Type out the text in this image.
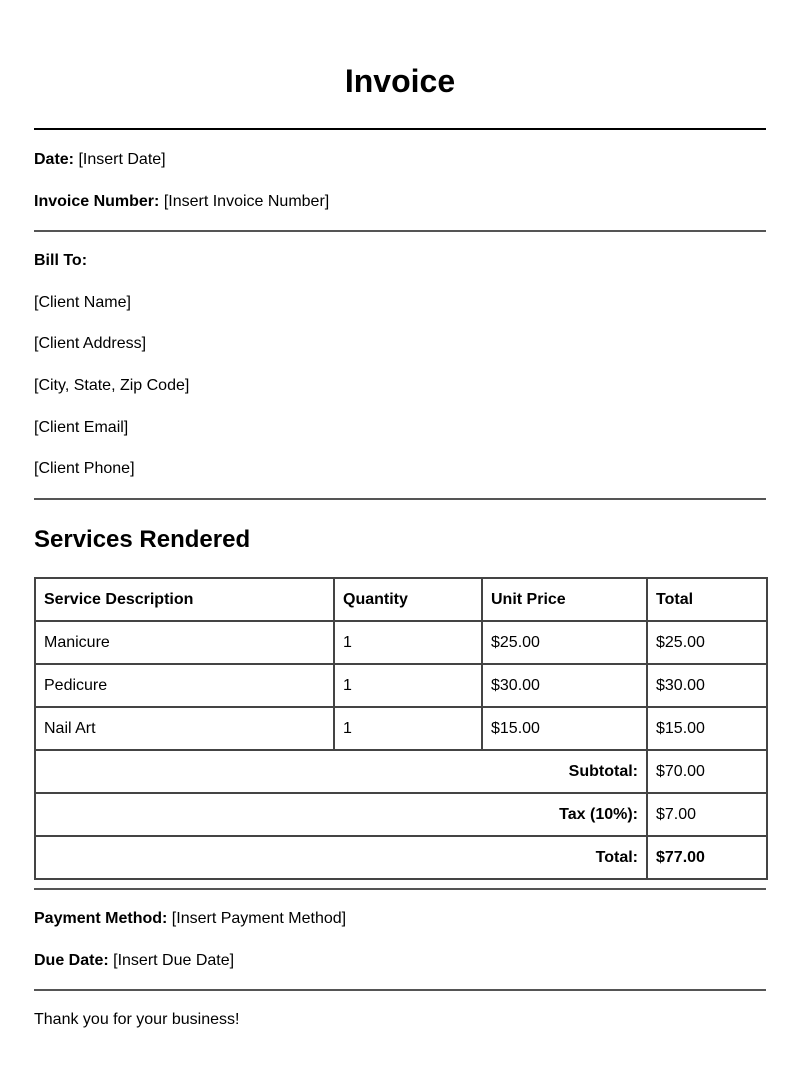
Invoice

Date: [Insert Date]

Invoice Number: [Insert Invoice Number]

Bill To:

[Client Name]

[Client Address]

[City, State, Zip Code]

[Client Email]

[Client Phone]

Services Rendered
Service Description	Quantity	Unit Price	Total
Manicure	1	$25.00	$25.00
Pedicure	1	$30.00	$30.00
Nail Art	1	$15.00	$15.00
Subtotal:			$70.00
Tax (10%):			$7.00
Total:			$77.00

Payment Method: [Insert Payment Method]

Due Date: [Insert Due Date]

Thank you for your business!
